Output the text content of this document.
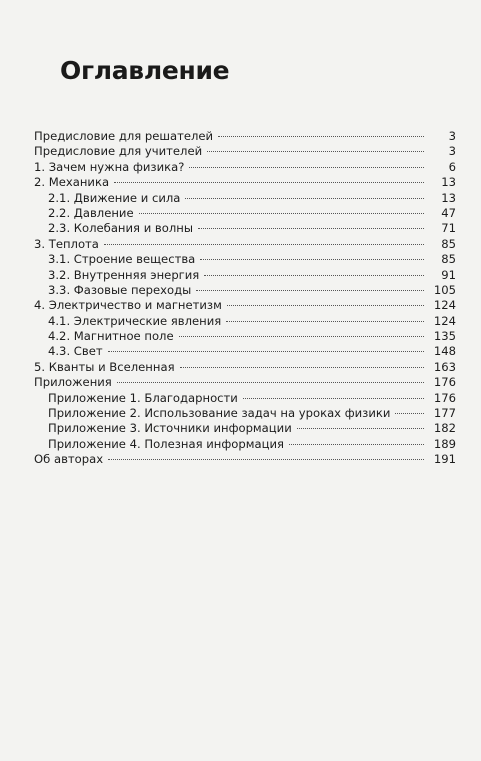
Оглавление
Предисловие для решателей	3
Предисловие для учителей	3
1. Зачем нужна физика?	6
2. Механика	13
2.1. Движение и сила	13
2.2. Давление	47
2.3. Колебания и волны	71
3. Теплота	85
3.1. Строение вещества	85
3.2. Внутренняя энергия	91
3.3. Фазовые переходы	105
4. Электричество и магнетизм	124
4.1. Электрические явления	124
4.2. Магнитное поле	135
4.3. Свет	148
5. Кванты и Вселенная	163
Приложения	176
Приложение 1. Благодарности	176
Приложение 2. Использование задач на уроках физики	177
Приложение 3. Источники информации	182
Приложение 4. Полезная информация	189
Об авторах	191
